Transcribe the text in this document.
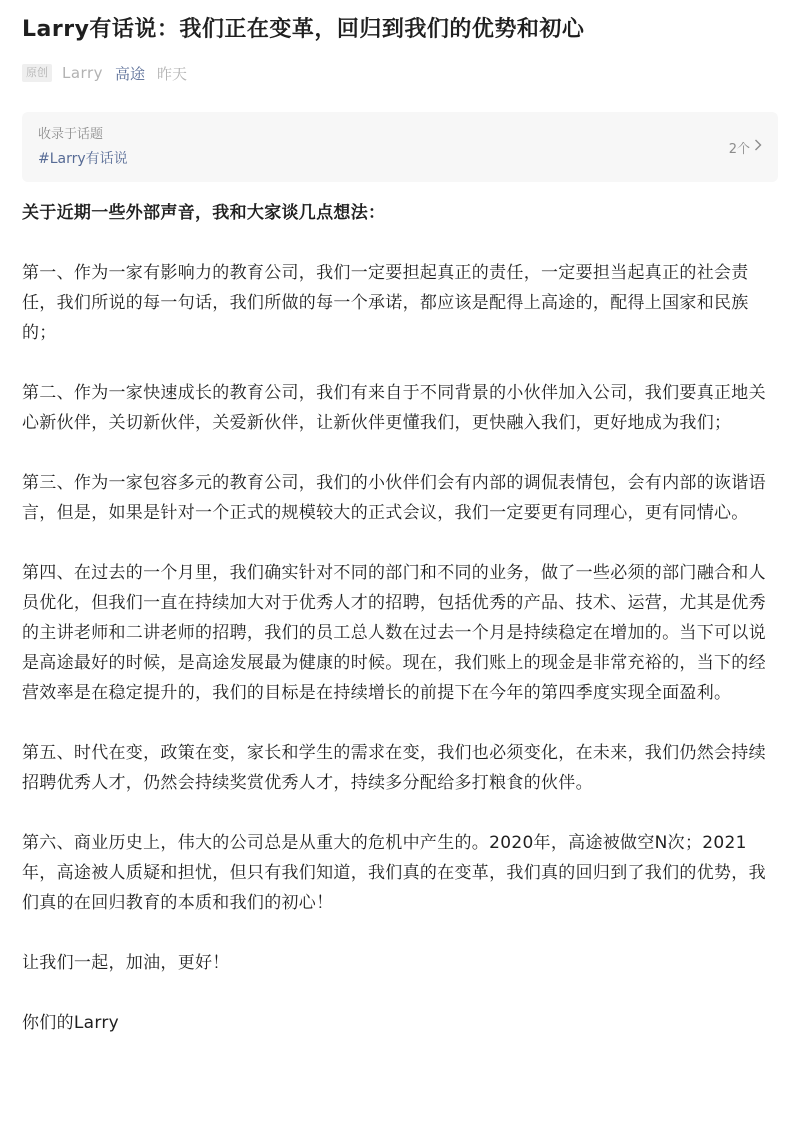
Larry有话说：我们正在变革，回归到我们的优势和初心
原创 Larry 高途 昨天
收录于话题
#Larry有话说
2个

关于近期一些外部声音，我和大家谈几点想法：

第一、作为一家有影响力的教育公司，我们一定要担起真正的责任，一定要担当起真正的社会责任，我们所说的每一句话，我们所做的每一个承诺，都应该是配得上高途的，配得上国家和民族的；

第二、作为一家快速成长的教育公司，我们有来自于不同背景的小伙伴加入公司，我们要真正地关心新伙伴，关切新伙伴，关爱新伙伴，让新伙伴更懂我们，更快融入我们，更好地成为我们；

第三、作为一家包容多元的教育公司，我们的小伙伴们会有内部的调侃表情包，会有内部的诙谐语言，但是，如果是针对一个正式的规模较大的正式会议，我们一定要更有同理心，更有同情心。

第四、在过去的一个月里，我们确实针对不同的部门和不同的业务，做了一些必须的部门融合和人员优化，但我们一直在持续加大对于优秀人才的招聘，包括优秀的产品、技术、运营，尤其是优秀的主讲老师和二讲老师的招聘，我们的员工总人数在过去一个月是持续稳定在增加的。当下可以说是高途最好的时候，是高途发展最为健康的时候。现在，我们账上的现金是非常充裕的，当下的经营效率是在稳定提升的，我们的目标是在持续增长的前提下在今年的第四季度实现全面盈利。

第五、时代在变，政策在变，家长和学生的需求在变，我们也必须变化，在未来，我们仍然会持续招聘优秀人才，仍然会持续奖赏优秀人才，持续多分配给多打粮食的伙伴。

第六、商业历史上，伟大的公司总是从重大的危机中产生的。2020年，高途被做空N次；2021年，高途被人质疑和担忧，但只有我们知道，我们真的在变革，我们真的回归到了我们的优势，我们真的在回归教育的本质和我们的初心！

让我们一起，加油，更好！

你们的Larry
